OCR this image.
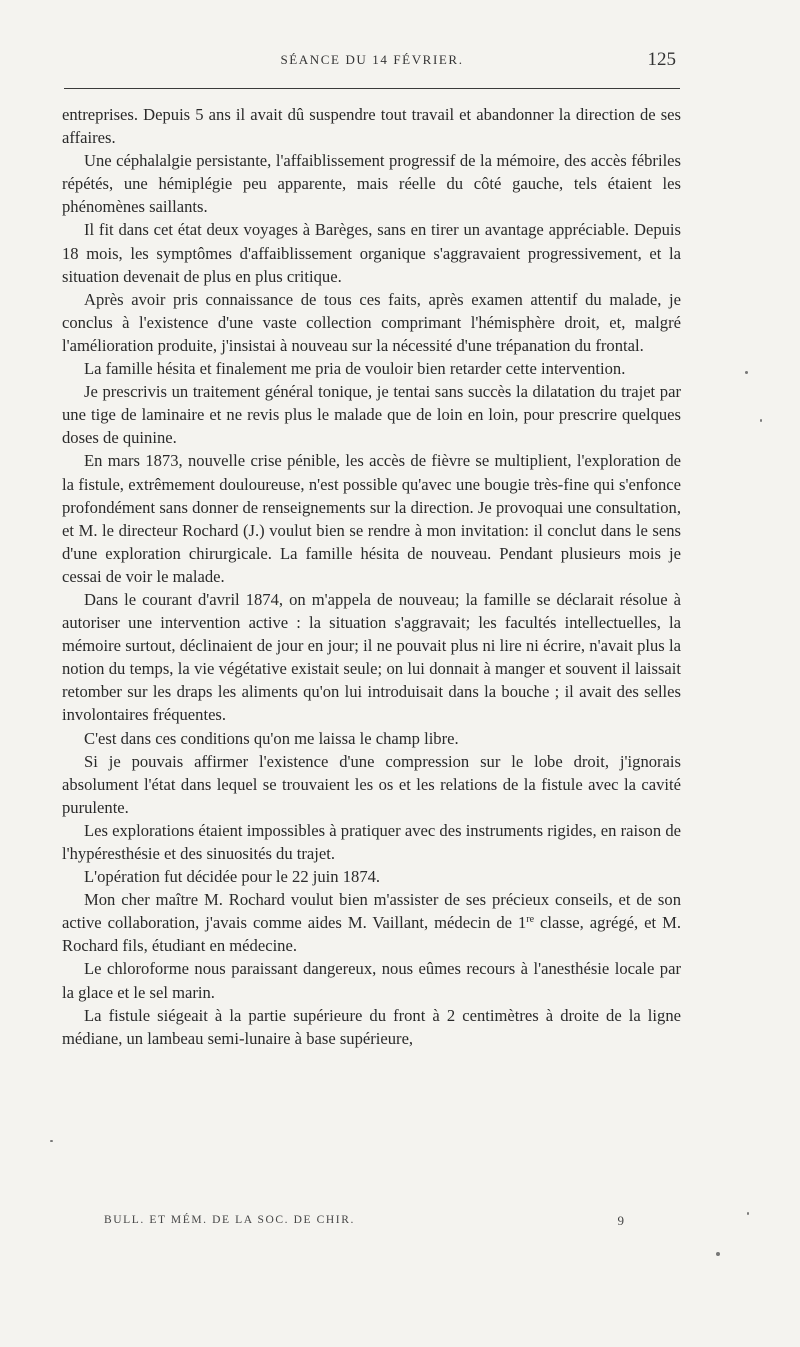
SÉANCE DU 14 FÉVRIER.	125

entreprises. Depuis 5 ans il avait dû suspendre tout travail et abandonner la direction de ses affaires.

Une céphalalgie persistante, l'affaiblissement progressif de la mémoire, des accès fébriles répétés, une hémiplégie peu apparente, mais réelle du côté gauche, tels étaient les phénomènes saillants.

Il fit dans cet état deux voyages à Barèges, sans en tirer un avantage appréciable. Depuis 18 mois, les symptômes d'affaiblissement organique s'aggravaient progressivement, et la situation devenait de plus en plus critique.

Après avoir pris connaissance de tous ces faits, après examen attentif du malade, je conclus à l'existence d'une vaste collection comprimant l'hémisphère droit, et, malgré l'amélioration produite, j'insistai à nouveau sur la nécessité d'une trépanation du frontal.

La famille hésita et finalement me pria de vouloir bien retarder cette intervention.

Je prescrivis un traitement général tonique, je tentai sans succès la dilatation du trajet par une tige de laminaire et ne revis plus le malade que de loin en loin, pour prescrire quelques doses de quinine.

En mars 1873, nouvelle crise pénible, les accès de fièvre se multiplient, l'exploration de la fistule, extrêmement douloureuse, n'est possible qu'avec une bougie très-fine qui s'enfonce profondément sans donner de renseignements sur la direction. Je provoquai une consultation, et M. le directeur Rochard (J.) voulut bien se rendre à mon invitation: il conclut dans le sens d'une exploration chirurgicale. La famille hésita de nouveau. Pendant plusieurs mois je cessai de voir le malade.

Dans le courant d'avril 1874, on m'appela de nouveau; la famille se déclarait résolue à autoriser une intervention active : la situation s'aggravait; les facultés intellectuelles, la mémoire surtout, déclinaient de jour en jour; il ne pouvait plus ni lire ni écrire, n'avait plus la notion du temps, la vie végétative existait seule; on lui donnait à manger et souvent il laissait retomber sur les draps les aliments qu'on lui introduisait dans la bouche ; il avait des selles involontaires fréquentes.

C'est dans ces conditions qu'on me laissa le champ libre.

Si je pouvais affirmer l'existence d'une compression sur le lobe droit, j'ignorais absolument l'état dans lequel se trouvaient les os et les relations de la fistule avec la cavité purulente.

Les explorations étaient impossibles à pratiquer avec des instruments rigides, en raison de l'hypéresthésie et des sinuosités du trajet.

L'opération fut décidée pour le 22 juin 1874.

Mon cher maître M. Rochard voulut bien m'assister de ses précieux conseils, et de son active collaboration, j'avais comme aides M. Vaillant, médecin de 1re classe, agrégé, et M. Rochard fils, étudiant en médecine.

Le chloroforme nous paraissant dangereux, nous eûmes recours à l'anesthésie locale par la glace et le sel marin.

La fistule siégeait à la partie supérieure du front à 2 centimètres à droite de la ligne médiane, un lambeau semi-lunaire à base supérieure,

BULL. ET MÉM. DE LA SOC. DE CHIR.	9
